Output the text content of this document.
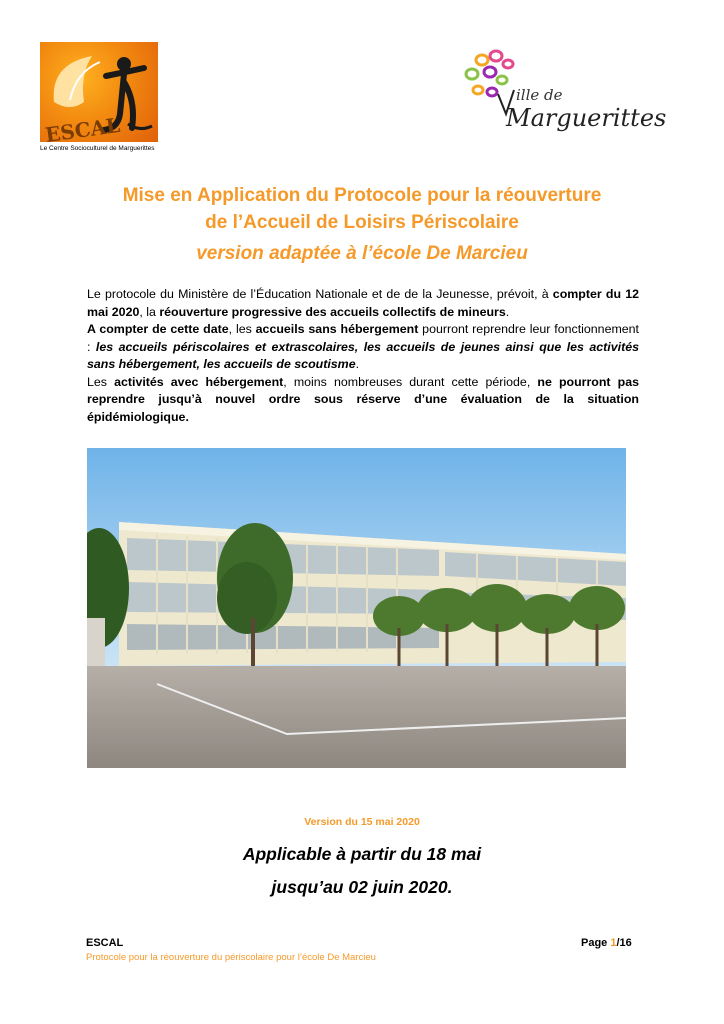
ESCAL
Le Centre Socioculturel de Marguerittes
ille de
Marguerittes
Mise en Application du Protocole pour la réouverture
de l’Accueil de Loisirs Périscolaire
version adaptée à l’école De Marcieu

Le protocole du Ministère de l’Éducation Nationale et de de la Jeunesse, prévoit, à compter du 12 mai 2020, la réouverture progressive des accueils collectifs de mineurs.

A compter de cette date, les accueils sans hébergement pourront reprendre leur fonctionnement : les accueils périscolaires et extrascolaires, les accueils de jeunes ainsi que les activités sans hébergement, les accueils de scoutisme.

Les activités avec hébergement, moins nombreuses durant cette période, ne pourront pas reprendre jusqu’à nouvel ordre sous réserve d’une évaluation de la situation épidémiologique.

Version du 15 mai 2020
Applicable à partir du 18 mai
jusqu’au 02 juin 2020.
ESCAL
Protocole pour la réouverture du périscolaire pour l’école De Marcieu
Page 1/16
